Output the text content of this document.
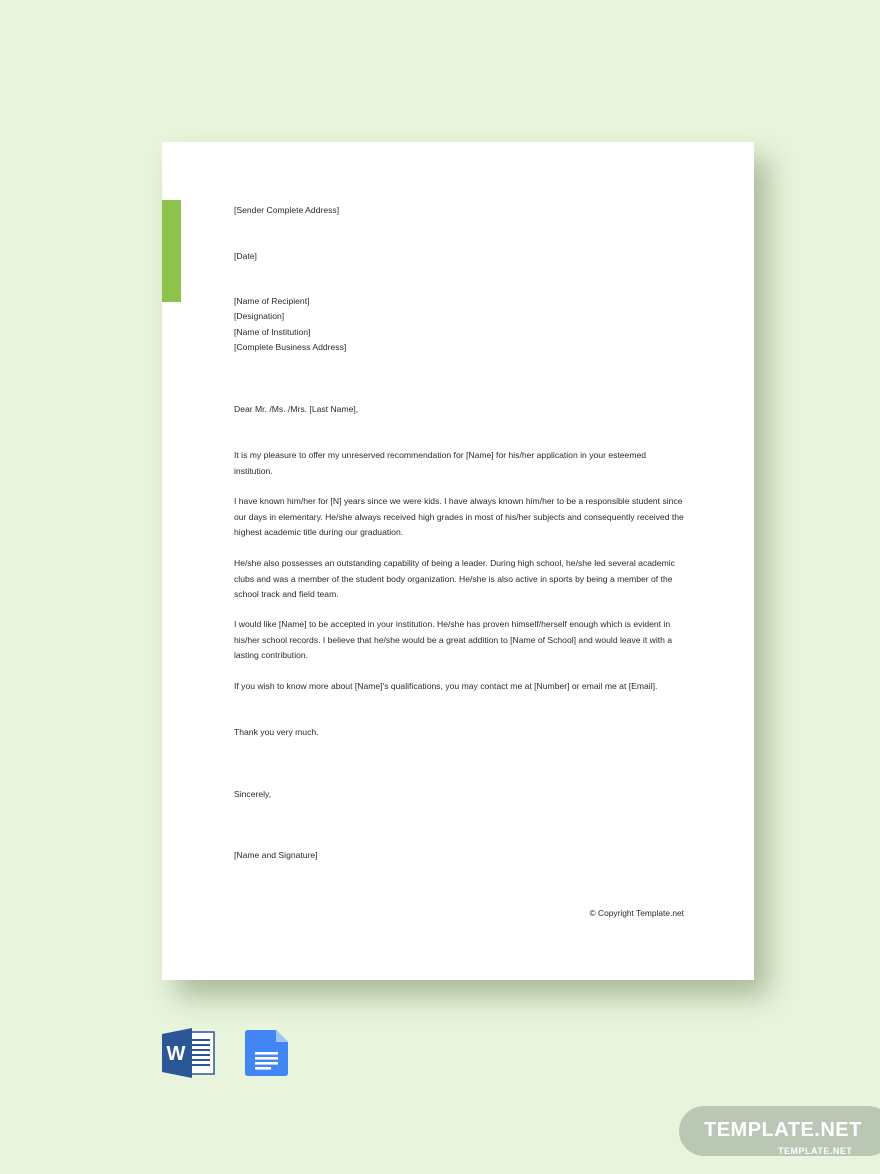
[Sender Complete Address]
[Date]
[Name of Recipient]
[Designation]
[Name of Institution]
[Complete Business Address]
Dear Mr. /Ms. /Mrs. [Last Name],
It is my pleasure to offer my unreserved recommendation for [Name] for his/her application in your esteemed institution.
I have known him/her for [N] years since we were kids. I have always known him/her to be a responsible student since our days in elementary. He/she always received high grades in most of his/her subjects and consequently received the highest academic title during our graduation.
He/she also possesses an outstanding capability of being a leader. During high school, he/she led several academic clubs and was a member of the student body organization. He/she is also active in sports by being a member of the school track and field team.
I would like [Name] to be accepted in your institution. He/she has proven himself/herself enough which is evident in his/her school records. I believe that he/she would be a great addition to [Name of School] and would leave it with a lasting contribution.
If you wish to know more about [Name]'s qualifications, you may contact me at [Number] or email me at [Email].
Thank you very much.
Sincerely,
[Name and Signature]
© Copyright Template.net
W
TEMPLATE.NET
TEMPLATE.NET
